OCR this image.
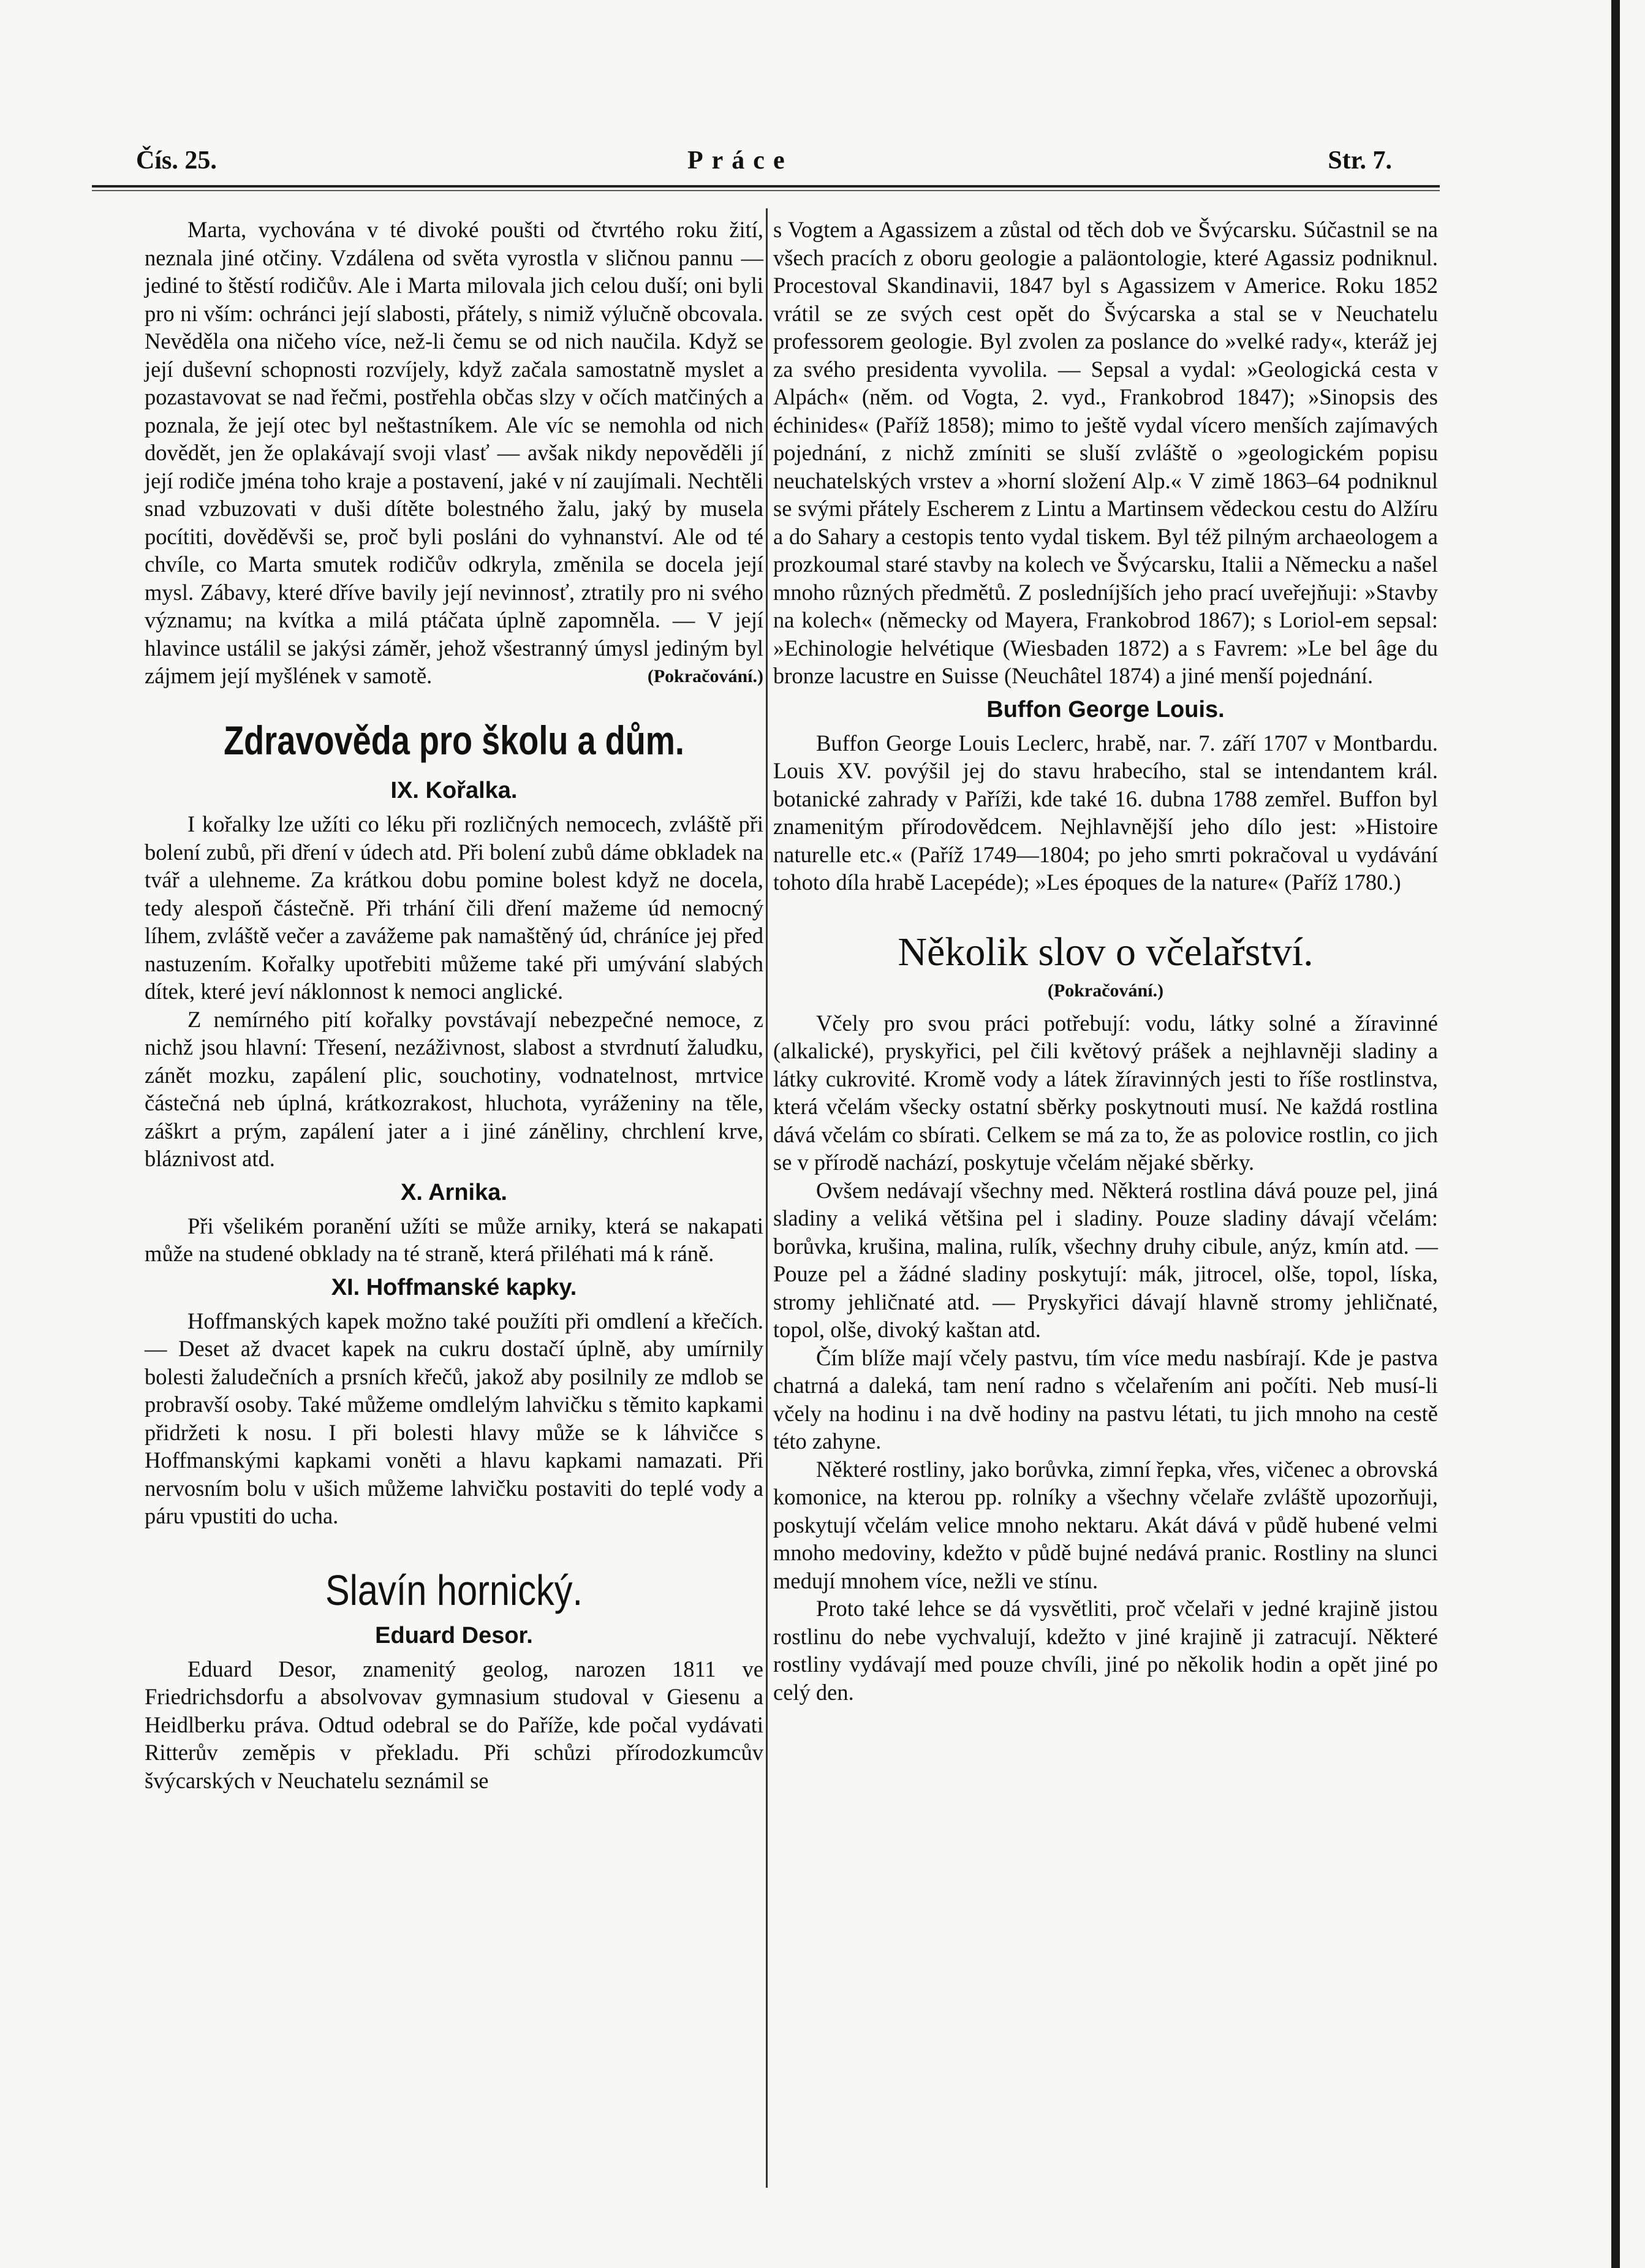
Čís. 25.	Práce	Str. 7.

Marta, vychována v té divoké poušti od čtvrtého roku žití, neznala jiné otčiny. Vzdálena od světa vyrostla v sličnou pannu — jediné to štěstí rodičův. Ale i Marta milovala jich celou duší; oni byli pro ni vším: ochránci její slabosti, přátely, s nimiž výlučně obcovala. Nevěděla ona ničeho více, než-li čemu se od nich naučila. Když se její duševní schopnosti rozvíjely, když začala samostatně myslet a pozastavovat se nad řečmi, postřehla občas slzy v očích matčiných a poznala, že její otec byl neštastníkem. Ale víc se nemohla od nich dovědět, jen že oplakávají svoji vlasť — avšak nikdy nepověděli jí její rodiče jména toho kraje a postavení, jaké v ní zaujímali. Nechtěli snad vzbuzovati v duši dítěte bolestného žalu, jaký by musela pocítiti, dověděvši se, proč byli posláni do vyhnanství. Ale od té chvíle, co Marta smutek rodičův odkryla, změnila se docela její mysl. Zábavy, které dříve bavily její nevinnosť, ztratily pro ni svého významu; na kvítka a milá ptáčata úplně zapomněla. — V její hlavince ustálil se jakýsi záměr, jehož všestranný úmysl jediným byl zájmem její myšlének v samotě.	(Pokračování.)
Zdravověda pro školu a dům.
IX. Kořalka.

I kořalky lze užíti co léku při rozličných nemocech, zvláště při bolení zubů, při dření v údech atd. Při bolení zubů dáme obkladek na tvář a ulehneme. Za krátkou dobu pomine bolest když ne docela, tedy alespoň částečně. Při trhání čili dření mažeme úd nemocný líhem, zvláště večer a zavážeme pak namaštěný úd, chráníce jej před nastuzením. Kořalky upotřebiti můžeme také při umývání slabých dítek, které jeví náklonnost k nemoci anglické.

Z nemírného pití kořalky povstávají nebezpečné nemoce, z nichž jsou hlavní: Třesení, nezáživnost, slabost a stvrdnutí žaludku, zánět mozku, zapálení plic, souchotiny, vodnatelnost, mrtvice částečná neb úplná, krátkozrakost, hluchota, vyráženiny na těle, záškrt a prým, zapálení jater a i jiné záněliny, chrchlení krve, bláznivost atd.

X. Arnika.

Při všelikém poranění užíti se může arniky, která se nakapati může na studené obklady na té straně, která přiléhati má k ráně.

XI. Hoffmanské kapky.

Hoffmanských kapek možno také použíti při omdlení a křečích. — Deset až dvacet kapek na cukru dostačí úplně, aby umírnily bolesti žaludečních a prsních křečů, jakož aby posilnily ze mdlob se probravší osoby. Také můžeme omdlelým lahvičku s těmito kapkami přidržeti k nosu. I při bolesti hlavy může se k láhvičce s Hoffmanskými kapkami voněti a hlavu kapkami namazati. Při nervosním bolu v ušich můžeme lahvičku postaviti do teplé vody a páru vpustiti do ucha.

Slavín hornický.
Eduard Desor.

Eduard Desor, znamenitý geolog, narozen 1811 ve Friedrichsdorfu a absolvovav gymnasium studoval v Giesenu a Heidlberku práva. Odtud odebral se do Paříže, kde počal vydávati Ritterův zeměpis v překladu. Při schůzi přírodozkumcův švýcarských v Neuchatelu seznámil se

s Vogtem a Agassizem a zůstal od těch dob ve Švýcarsku. Súčastnil se na všech pracích z oboru geologie a paläontologie, které Agassiz podniknul. Procestoval Skandinavii, 1847 byl s Agassizem v Americe. Roku 1852 vrátil se ze svých cest opět do Švýcarska a stal se v Neuchatelu professorem geologie. Byl zvolen za poslance do »velké rady«, kteráž jej za svého presidenta vyvolila. — Sepsal a vydal: »Geologická cesta v Alpách« (něm. od Vogta, 2. vyd., Frankobrod 1847); »Sinopsis des échinides« (Paříž 1858); mimo to ještě vydal vícero menších zajímavých pojednání, z nichž zmíniti se sluší zvláště o »geologickém popisu neuchatelských vrstev a »horní složení Alp.« V zimě 1863–64 podniknul se svými přátely Escherem z Lintu a Martinsem vědeckou cestu do Alžíru a do Sahary a cestopis tento vydal tiskem. Byl též pilným archaeologem a prozkoumal staré stavby na kolech ve Švýcarsku, Italii a Německu a našel mnoho různých předmětů. Z posledníjších jeho prací uveřejňuji: »Stavby na kolech« (německy od Mayera, Frankobrod 1867); s Loriol-em sepsal: »Echinologie helvétique (Wiesbaden 1872) a s Favrem: »Le bel âge du bronze lacustre en Suisse (Neuchâtel 1874) a jiné menší pojednání.

Buffon George Louis.

Buffon George Louis Leclerc, hrabě, nar. 7. září 1707 v Montbardu. Louis XV. povýšil jej do stavu hrabecího, stal se intendantem král. botanické zahrady v Paříži, kde také 16. dubna 1788 zemřel. Buffon byl znamenitým přírodovědcem. Nejhlavnější jeho dílo jest: »Histoire naturelle etc.« (Paříž 1749—1804; po jeho smrti pokračoval u vydávání tohoto díla hrabě Lacepéde); »Les époques de la nature« (Paříž 1780.)

Několik slov o včelařství.
(Pokračování.)

Včely pro svou práci potřebují: vodu, látky solné a žíravinné (alkalické), pryskyřici, pel čili květový prášek a nejhlavněji sladiny a látky cukrovité. Kromě vody a látek žíravinných jesti to říše rostlinstva, která včelám všecky ostatní sběrky poskytnouti musí. Ne každá rostlina dává včelám co sbírati. Celkem se má za to, že as polovice rostlin, co jich se v přírodě nachází, poskytuje včelám nějaké sběrky.

Ovšem nedávají všechny med. Některá rostlina dává pouze pel, jiná sladiny a veliká většina pel i sladiny. Pouze sladiny dávají včelám: borůvka, krušina, malina, rulík, všechny druhy cibule, anýz, kmín atd. — Pouze pel a žádné sladiny poskytují: mák, jitrocel, olše, topol, líska, stromy jehličnaté atd. — Pryskyřici dávají hlavně stromy jehličnaté, topol, olše, divoký kaštan atd.

Čím blíže mají včely pastvu, tím více medu nasbírají. Kde je pastva chatrná a daleká, tam není radno s včelařením ani počíti. Neb musí-li včely na hodinu i na dvě hodiny na pastvu létati, tu jich mnoho na cestě této zahyne.

Některé rostliny, jako borůvka, zimní řepka, vřes, vičenec a obrovská komonice, na kterou pp. rolníky a všechny včelaře zvláště upozorňuji, poskytují včelám velice mnoho nektaru. Akát dává v půdě hubené velmi mnoho medoviny, kdežto v půdě bujné nedává pranic. Rostliny na slunci medují mnohem více, nežli ve stínu.

Proto také lehce se dá vysvětliti, proč včelaři v jedné krajině jistou rostlinu do nebe vychvalují, kdežto v jiné krajině ji zatracují. Některé rostliny vydávají med pouze chvíli, jiné po několik hodin a opět jiné po celý den.
